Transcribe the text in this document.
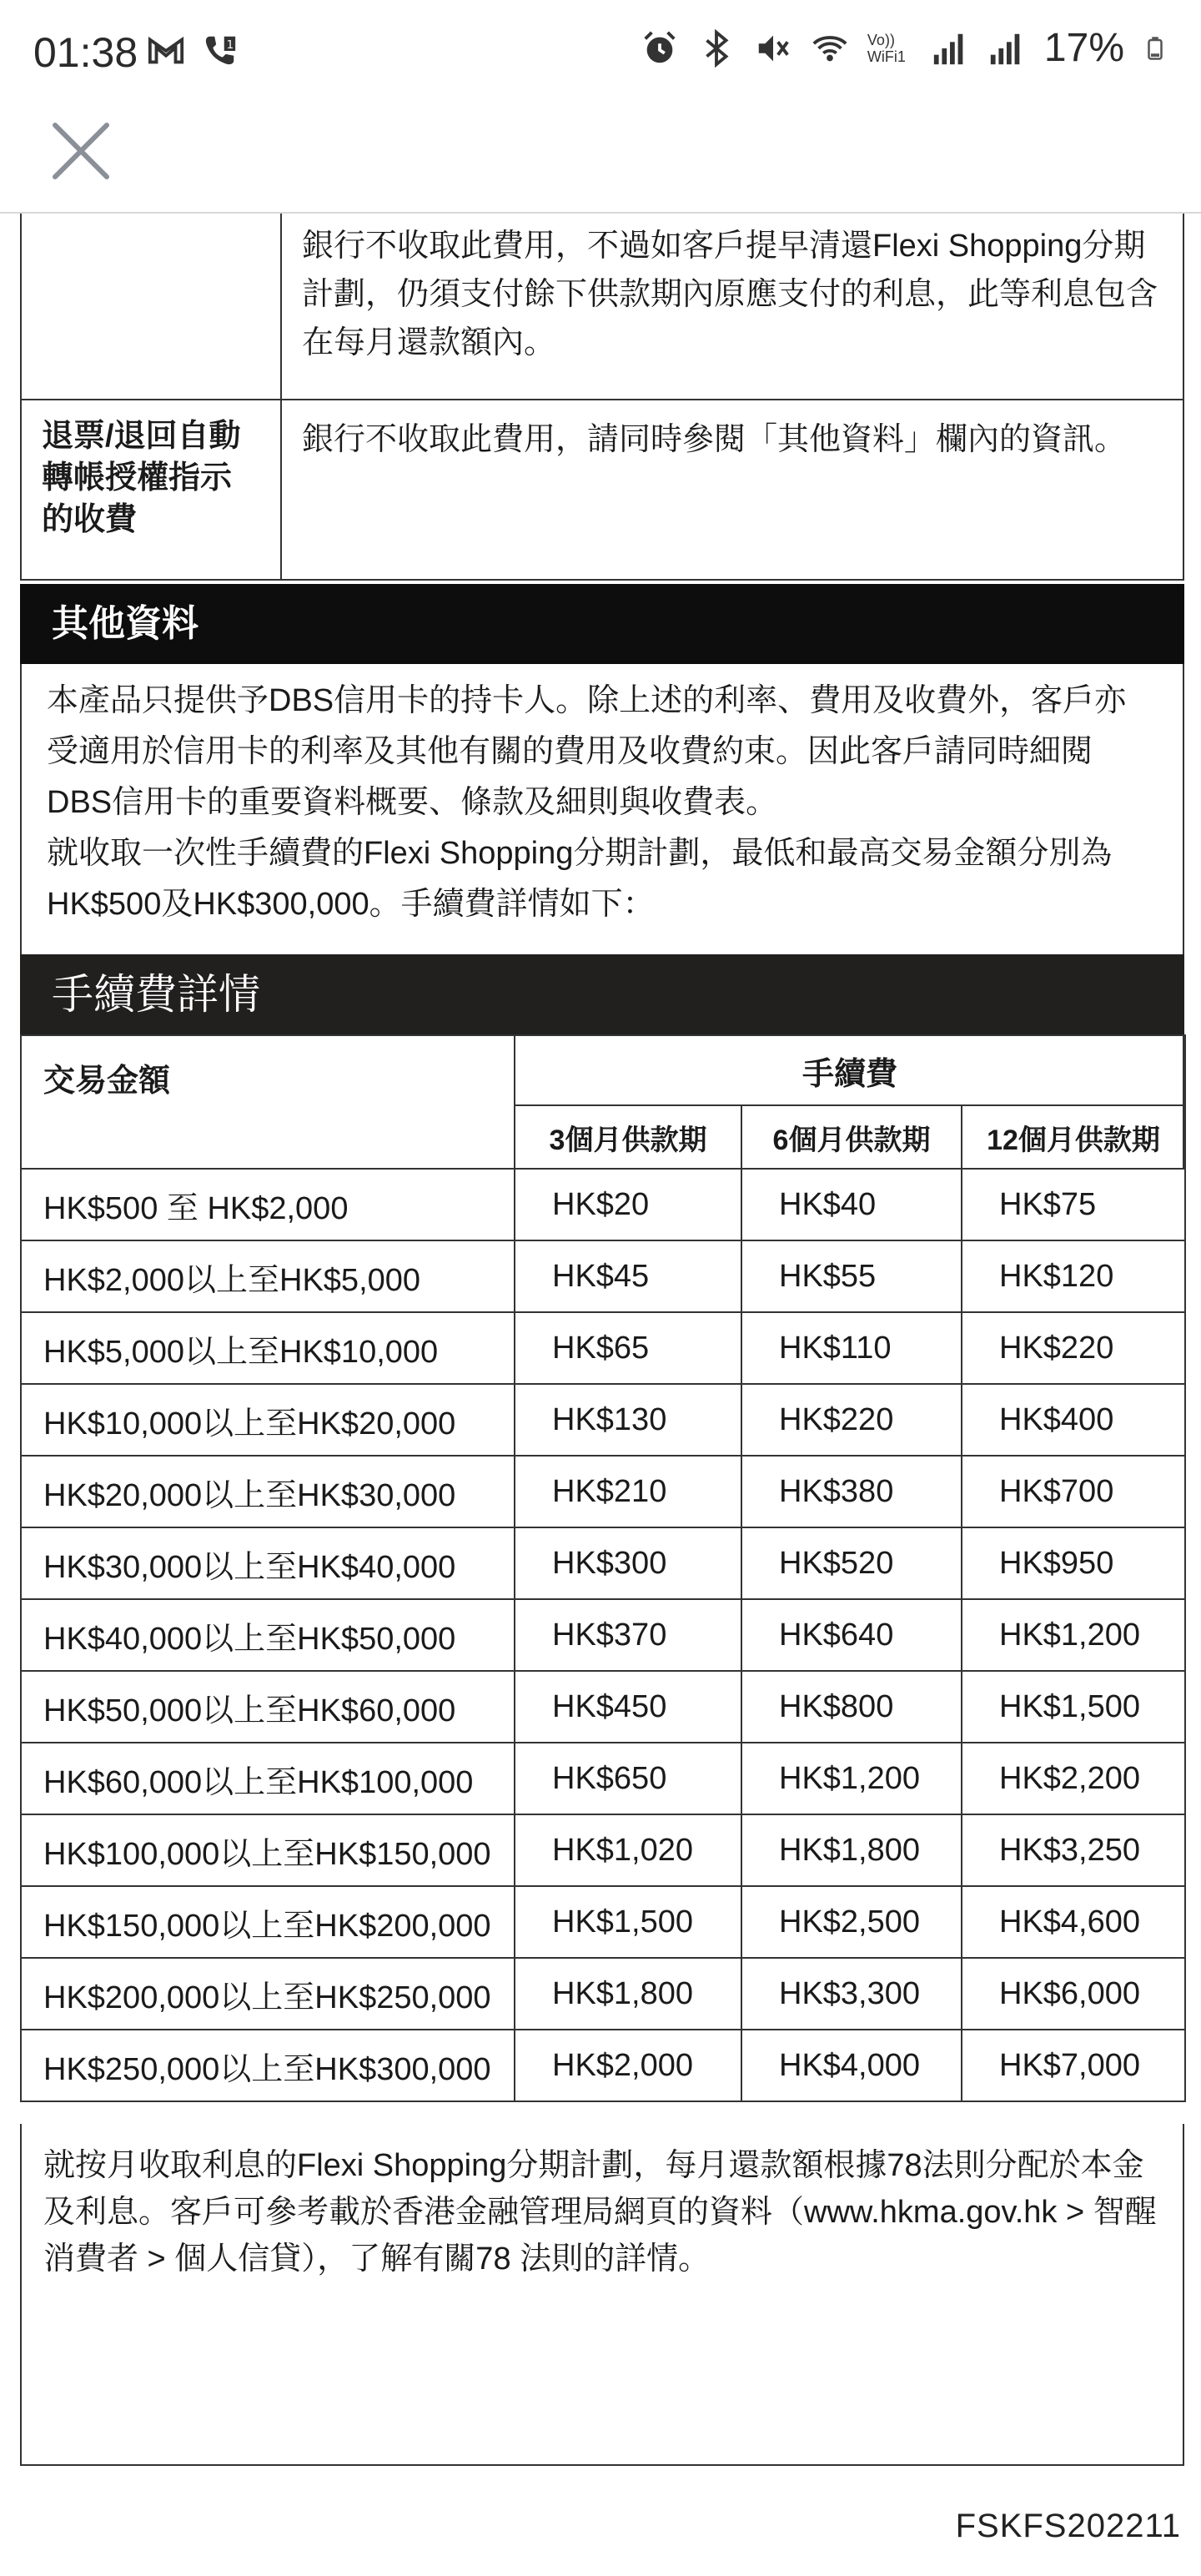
01:38	1	Vo)) WiFi1	17%
銀行不收取此費用，不過如客戶提早清還Flexi Shopping分期計劃，仍須支付餘下供款期內原應支付的利息，此等利息包含在每月還款額內。
退票/退回自動轉帳授權指示的收費
銀行不收取此費用，請同時參閱「其他資料」欄內的資訊。
其他資料

本產品只提供予DBS信用卡的持卡人。除上述的利率、費用及收費外，客戶亦受適用於信用卡的利率及其他有關的費用及收費約束。因此客戶請同時細閱DBS信用卡的重要資料概要、條款及細則與收費表。

就收取一次性手續費的Flexi Shopping分期計劃，最低和最高交易金額分別為HK$500及HK$300,000。手續費詳情如下：

手續費詳情
交易金額	手續費		
	3個月供款期	6個月供款期	12個月供款期
HK$500 至 HK$2,000	HK$20	HK$40	HK$75
HK$2,000以上至HK$5,000	HK$45	HK$55	HK$120
HK$5,000以上至HK$10,000	HK$65	HK$110	HK$220
HK$10,000以上至HK$20,000	HK$130	HK$220	HK$400
HK$20,000以上至HK$30,000	HK$210	HK$380	HK$700
HK$30,000以上至HK$40,000	HK$300	HK$520	HK$950
HK$40,000以上至HK$50,000	HK$370	HK$640	HK$1,200
HK$50,000以上至HK$60,000	HK$450	HK$800	HK$1,500
HK$60,000以上至HK$100,000	HK$650	HK$1,200	HK$2,200
HK$100,000以上至HK$150,000	HK$1,020	HK$1,800	HK$3,250
HK$150,000以上至HK$200,000	HK$1,500	HK$2,500	HK$4,600
HK$200,000以上至HK$250,000	HK$1,800	HK$3,300	HK$6,000
HK$250,000以上至HK$300,000	HK$2,000	HK$4,000	HK$7,000
就按月收取利息的Flexi Shopping分期計劃，每月還款額根據78法則分配於本金及利息。客戶可參考載於香港金融管理局網頁的資料（www.hkma.gov.hk > 智醒消費者 > 個人信貸），了解有關78 法則的詳情。
FSKFS202211
